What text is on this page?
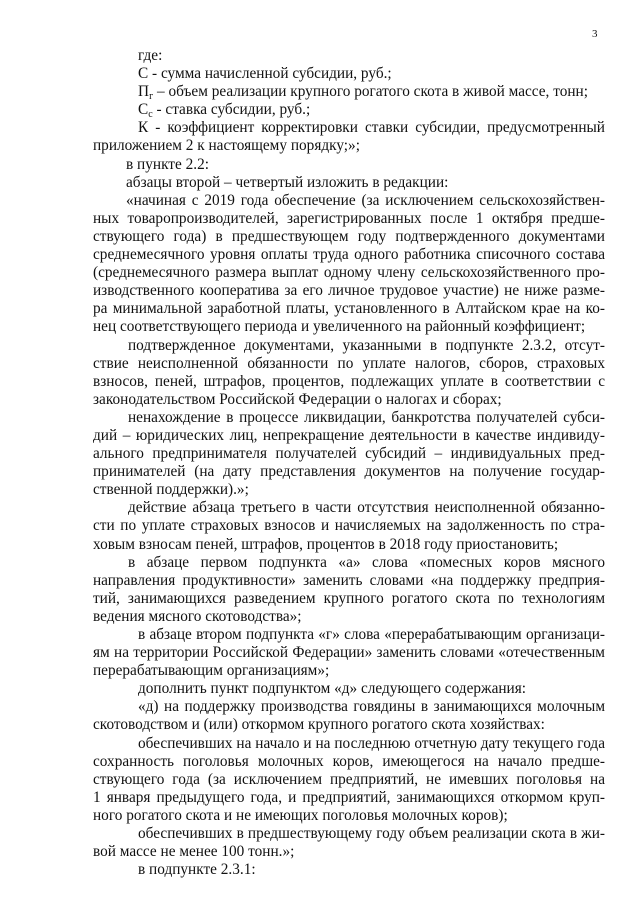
3
где:
С - сумма начисленной субсидии, руб.;
$П_г$ – объем реализации крупного рогатого скота в живой массе, тонн;
$С_с$ - ставка субсидии, руб.;
К - коэффициент корректировки ставки субсидии, предусмотренный
приложением 2 к настоящему порядку;»;
в пункте 2.2:
абзацы второй – четвертый изложить в редакции:
«начиная с 2019 года обеспечение (за исключением сельскохозяйствен-
ных товаропроизводителей, зарегистрированных после 1 октября предше-
ствующего года) в предшествующем году подтвержденного документами
среднемесячного уровня оплаты труда одного работника списочного состава
(среднемесячного размера выплат одному члену сельскохозяйственного про-
изводственного кооператива за его личное трудовое участие) не ниже разме-
ра минимальной заработной платы, установленного в Алтайском крае на ко-
нец соответствующего периода и увеличенного на районный коэффициент;
подтвержденное документами, указанными в подпункте 2.3.2, отсут-
ствие неисполненной обязанности по уплате налогов, сборов, страховых
взносов, пеней, штрафов, процентов, подлежащих уплате в соответствии с
законодательством Российской Федерации о налогах и сборах;
ненахождение в процессе ликвидации, банкротства получателей субси-
дий – юридических лиц, непрекращение деятельности в качестве индивиду-
ального предпринимателя получателей субсидий – индивидуальных пред-
принимателей (на дату представления документов на получение государ-
ственной поддержки).»;
действие абзаца третьего в части отсутствия неисполненной обязанно-
сти по уплате страховых взносов и начисляемых на задолженность по стра-
ховым взносам пеней, штрафов, процентов в 2018 году приостановить;
в абзаце первом подпункта «а» слова «помесных коров мясного
направления продуктивности» заменить словами «на поддержку предприя-
тий, занимающихся разведением крупного рогатого скота по технологиям
ведения мясного скотоводства»;
в абзаце втором подпункта «г» слова «перерабатывающим организаци-
ям на территории Российской Федерации» заменить словами «отечественным
перерабатывающим организациям»;
дополнить пункт подпунктом «д» следующего содержания:
«д) на поддержку производства говядины в занимающихся молочным
скотоводством и (или) откормом крупного рогатого скота хозяйствах:
обеспечивших на начало и на последнюю отчетную дату текущего года
сохранность поголовья молочных коров, имеющегося на начало предше-
ствующего года (за исключением предприятий, не имевших поголовья на
1 января предыдущего года, и предприятий, занимающихся откормом круп-
ного рогатого скота и не имеющих поголовья молочных коров);
обеспечивших в предшествующему году объем реализации скота в жи-
вой массе не менее 100 тонн.»;
в подпункте 2.3.1:
